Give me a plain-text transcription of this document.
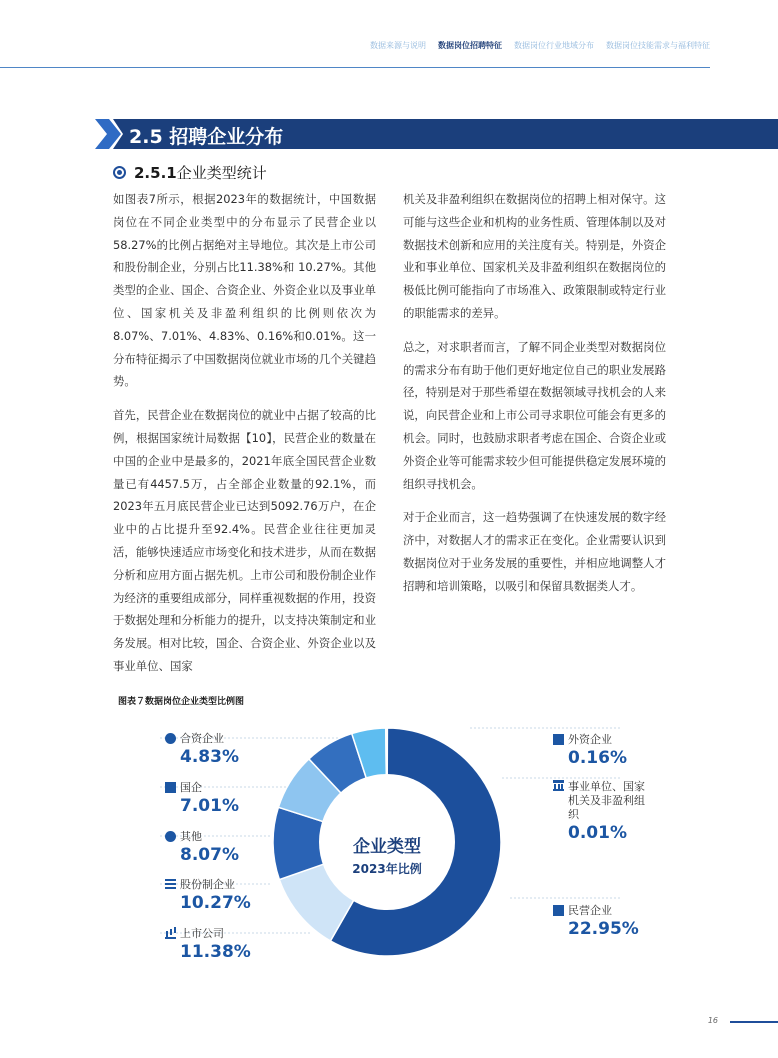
数据来源与说明 数据岗位招聘特征 数据岗位行业地域分布 数据岗位技能需求与福利特征
2.5 招聘企业分布
2.5.1企业类型统计

如图表7所示，根据2023年的数据统计，中国数据岗位在不同企业类型中的分布显示了民营企业以58.27%的比例占据绝对主导地位。其次是上市公司和股份制企业，分别占比11.38%和 10.27%。其他类型的企业、国企、合资企业、外资企业以及事业单位、国家机关及非盈利组织的比例则依次为8.07%、7.01%、4.83%、0.16%和0.01%。这一分布特征揭示了中国数据岗位就业市场的几个关键趋势。

首先，民营企业在数据岗位的就业中占据了较高的比例，根据国家统计局数据【10】，民营企业的数量在中国的企业中是最多的，2021年底全国民营企业数量已有4457.5万，占全部企业数量的92.1%，而2023年五月底民营企业已达到5092.76万户，在企业中的占比提升至92.4%。民营企业往往更加灵活，能够快速适应市场变化和技术进步，从而在数据分析和应用方面占据先机。上市公司和股份制企业作为经济的重要组成部分，同样重视数据的作用，投资于数据处理和分析能力的提升，以支持决策制定和业务发展。相对比较，国企、合资企业、外资企业以及事业单位、国家

机关及非盈利组织在数据岗位的招聘上相对保守。这可能与这些企业和机构的业务性质、管理体制以及对数据技术创新和应用的关注度有关。特别是，外资企业和事业单位、国家机关及非盈利组织在数据岗位的极低比例可能指向了市场准入、政策限制或特定行业的职能需求的差异。

总之，对求职者而言，了解不同企业类型对数据岗位的需求分布有助于他们更好地定位自己的职业发展路径，特别是对于那些希望在数据领域寻找机会的人来说，向民营企业和上市公司寻求职位可能会有更多的机会。同时，也鼓励求职者考虑在国企、合资企业或外资企业等可能需求较少但可能提供稳定发展环境的组织寻找机会。

对于企业而言，这一趋势强调了在快速发展的数字经济中，对数据人才的需求正在变化。企业需要认识到数据岗位对于业务发展的重要性，并相应地调整人才招聘和培训策略，以吸引和保留具数据类人才。

图表７数据岗位企业类型比例图
企业类型
2023年比例
合资企业
4.83%
国企
7.01%
其他
8.07%
股份制企业
10.27%
上市公司
11.38%
外资企业
0.16%
事业单位、国家机关及非盈利组织
0.01%
民营企业
22.95%
16
